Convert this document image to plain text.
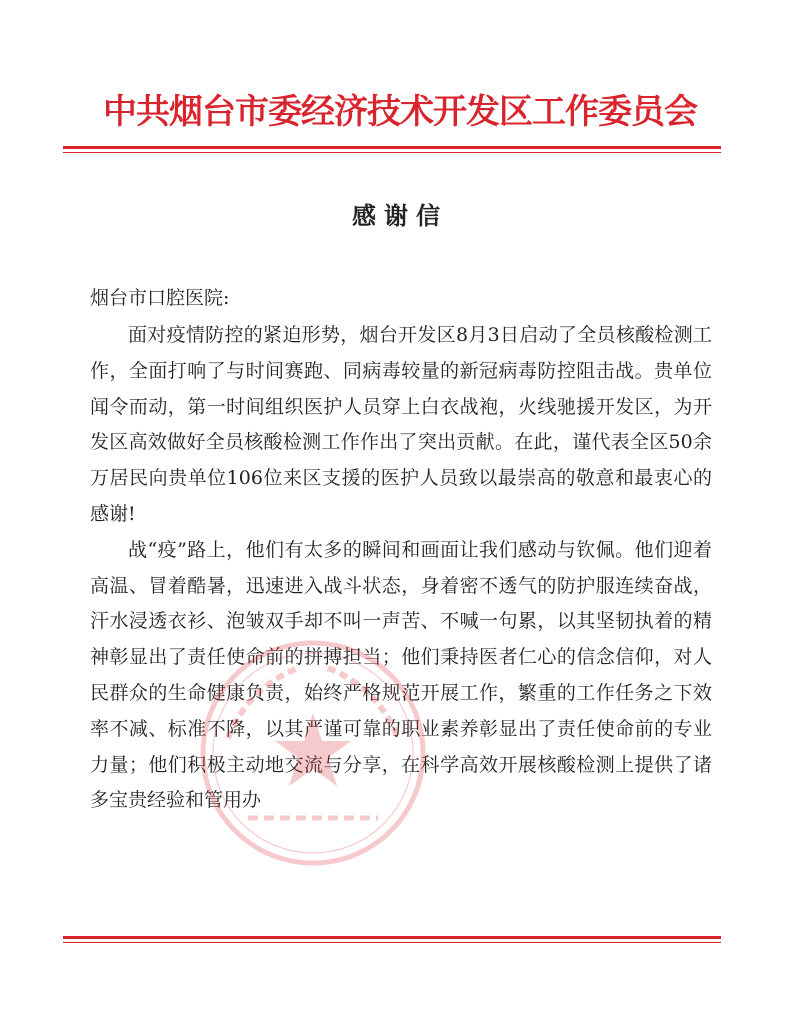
中共烟台市委经济技术开发区工作委员会
感谢信
烟台市口腔医院:

面对疫情防控的紧迫形势，烟台开发区8月3日启动了全员核酸检测工作，全面打响了与时间赛跑、同病毒较量的新冠病毒防控阻击战。贵单位闻令而动，第一时间组织医护人员穿上白衣战袍，火线驰援开发区，为开发区高效做好全员核酸检测工作作出了突出贡献。在此，谨代表全区50余万居民向贵单位106位来区支援的医护人员致以最崇高的敬意和最衷心的感谢!

战“疫”路上，他们有太多的瞬间和画面让我们感动与钦佩。他们迎着高温、冒着酷暑，迅速进入战斗状态，身着密不透气的防护服连续奋战，汗水浸透衣衫、泡皱双手却不叫一声苦、不喊一句累，以其坚韧执着的精神彰显出了责任使命前的拼搏担当；他们秉持医者仁心的信念信仰，对人民群众的生命健康负责，始终严格规范开展工作，繁重的工作任务之下效率不减、标准不降，以其严谨可靠的职业素养彰显出了责任使命前的专业力量；他们积极主动地交流与分享，在科学高效开展核酸检测上提供了诸多宝贵经验和管用办
